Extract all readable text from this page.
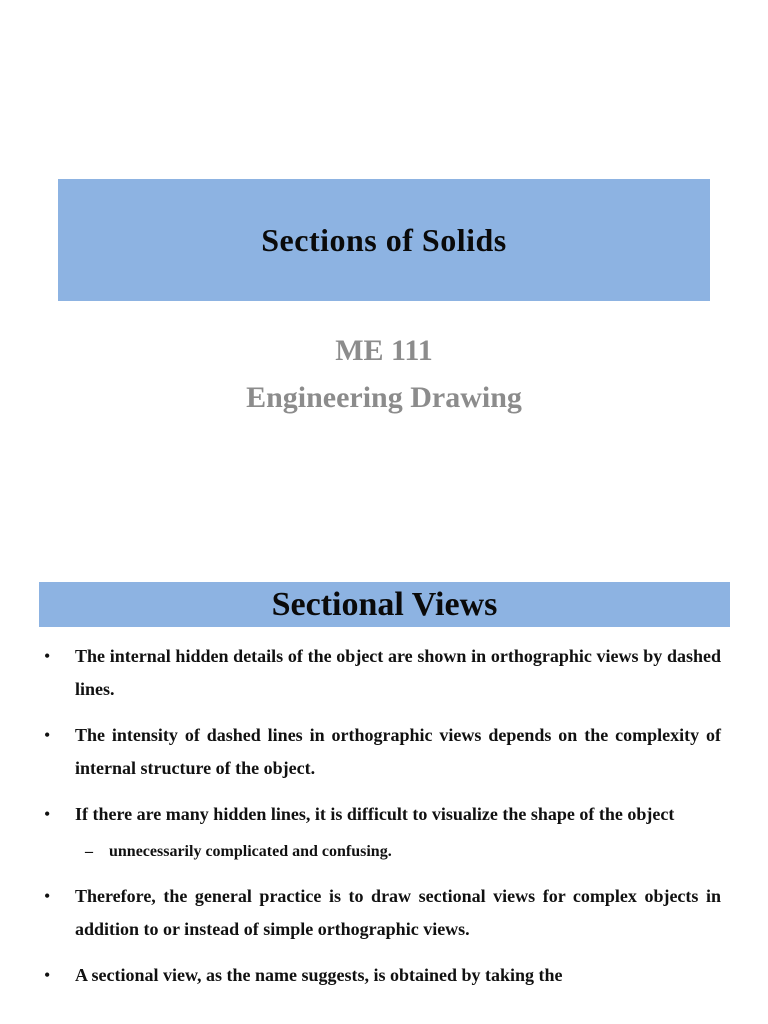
Sections of Solids
ME 111
Engineering Drawing
Sectional Views
• The internal hidden details of the object are shown in orthographic views by dashed lines.
• The intensity of dashed lines in orthographic views depends on the complexity of internal structure of the object.
• If there are many hidden lines, it is difficult to visualize the shape of the object
– unnecessarily complicated and confusing.
• Therefore, the general practice is to draw sectional views for complex objects in addition to or instead of simple orthographic views.
• A sectional view, as the name suggests, is obtained by taking the
